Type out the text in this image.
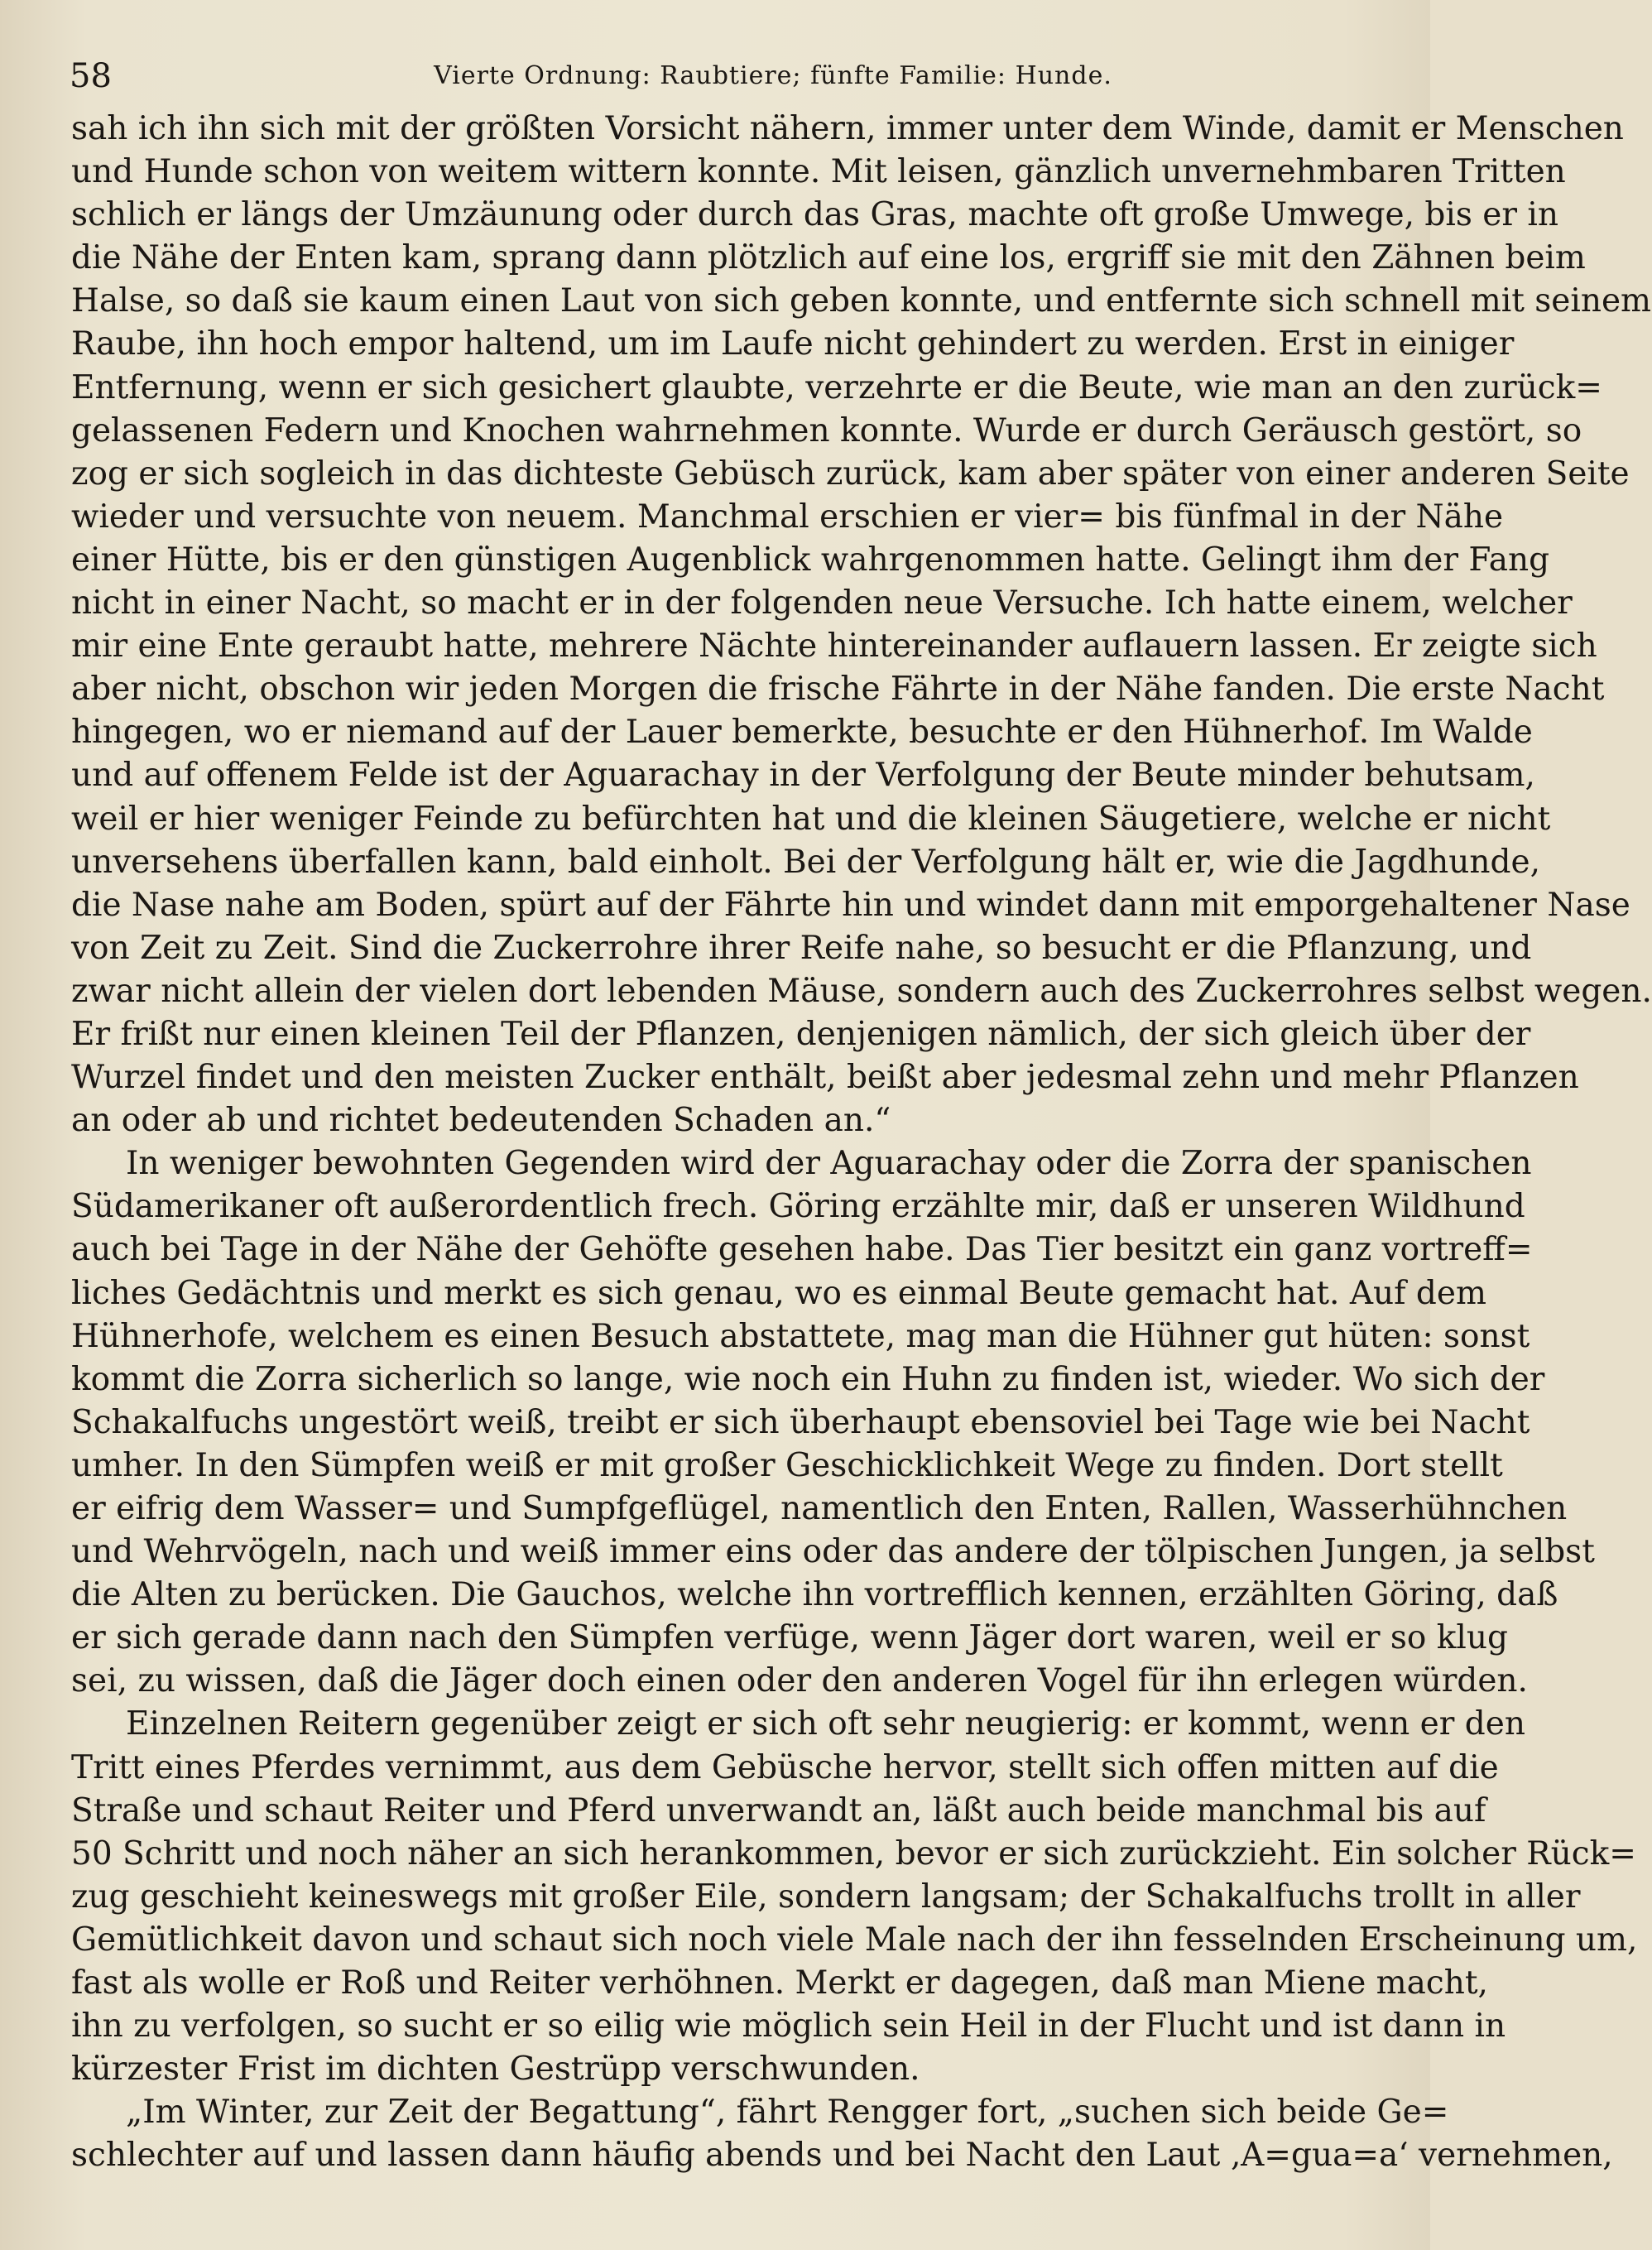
58	Vierte Ordnung: Raubtiere; fünfte Familie: Hunde.
sah ich ihn sich mit der größten Vorsicht nähern, immer unter dem Winde, damit er Menschen
und Hunde schon von weitem wittern konnte. Mit leisen, gänzlich unvernehmbaren Tritten
schlich er längs der Umzäunung oder durch das Gras, machte oft große Umwege, bis er in
die Nähe der Enten kam, sprang dann plötzlich auf eine los, ergriff sie mit den Zähnen beim
Halse, so daß sie kaum einen Laut von sich geben konnte, und entfernte sich schnell mit seinem
Raube, ihn hoch empor haltend, um im Laufe nicht gehindert zu werden. Erst in einiger
Entfernung, wenn er sich gesichert glaubte, verzehrte er die Beute, wie man an den zurück=
gelassenen Federn und Knochen wahrnehmen konnte. Wurde er durch Geräusch gestört, so
zog er sich sogleich in das dichteste Gebüsch zurück, kam aber später von einer anderen Seite
wieder und versuchte von neuem. Manchmal erschien er vier= bis fünfmal in der Nähe
einer Hütte, bis er den günstigen Augenblick wahrgenommen hatte. Gelingt ihm der Fang
nicht in einer Nacht, so macht er in der folgenden neue Versuche. Ich hatte einem, welcher
mir eine Ente geraubt hatte, mehrere Nächte hintereinander auflauern lassen. Er zeigte sich
aber nicht, obschon wir jeden Morgen die frische Fährte in der Nähe fanden. Die erste Nacht
hingegen, wo er niemand auf der Lauer bemerkte, besuchte er den Hühnerhof. Im Walde
und auf offenem Felde ist der Aguarachay in der Verfolgung der Beute minder behutsam,
weil er hier weniger Feinde zu befürchten hat und die kleinen Säugetiere, welche er nicht
unversehens überfallen kann, bald einholt. Bei der Verfolgung hält er, wie die Jagdhunde,
die Nase nahe am Boden, spürt auf der Fährte hin und windet dann mit emporgehaltener Nase
von Zeit zu Zeit. Sind die Zuckerrohre ihrer Reife nahe, so besucht er die Pflanzung, und
zwar nicht allein der vielen dort lebenden Mäuse, sondern auch des Zuckerrohres selbst wegen.
Er frißt nur einen kleinen Teil der Pflanzen, denjenigen nämlich, der sich gleich über der
Wurzel findet und den meisten Zucker enthält, beißt aber jedesmal zehn und mehr Pflanzen
an oder ab und richtet bedeutenden Schaden an.“
In weniger bewohnten Gegenden wird der Aguarachay oder die Zorra der spanischen
Südamerikaner oft außerordentlich frech. Göring erzählte mir, daß er unseren Wildhund
auch bei Tage in der Nähe der Gehöfte gesehen habe. Das Tier besitzt ein ganz vortreff=
liches Gedächtnis und merkt es sich genau, wo es einmal Beute gemacht hat. Auf dem
Hühnerhofe, welchem es einen Besuch abstattete, mag man die Hühner gut hüten: sonst
kommt die Zorra sicherlich so lange, wie noch ein Huhn zu finden ist, wieder. Wo sich der
Schakalfuchs ungestört weiß, treibt er sich überhaupt ebensoviel bei Tage wie bei Nacht
umher. In den Sümpfen weiß er mit großer Geschicklichkeit Wege zu finden. Dort stellt
er eifrig dem Wasser= und Sumpfgeflügel, namentlich den Enten, Rallen, Wasserhühnchen
und Wehrvögeln, nach und weiß immer eins oder das andere der tölpischen Jungen, ja selbst
die Alten zu berücken. Die Gauchos, welche ihn vortrefflich kennen, erzählten Göring, daß
er sich gerade dann nach den Sümpfen verfüge, wenn Jäger dort waren, weil er so klug
sei, zu wissen, daß die Jäger doch einen oder den anderen Vogel für ihn erlegen würden.
Einzelnen Reitern gegenüber zeigt er sich oft sehr neugierig: er kommt, wenn er den
Tritt eines Pferdes vernimmt, aus dem Gebüsche hervor, stellt sich offen mitten auf die
Straße und schaut Reiter und Pferd unverwandt an, läßt auch beide manchmal bis auf
50 Schritt und noch näher an sich herankommen, bevor er sich zurückzieht. Ein solcher Rück=
zug geschieht keineswegs mit großer Eile, sondern langsam; der Schakalfuchs trollt in aller
Gemütlichkeit davon und schaut sich noch viele Male nach der ihn fesselnden Erscheinung um,
fast als wolle er Roß und Reiter verhöhnen. Merkt er dagegen, daß man Miene macht,
ihn zu verfolgen, so sucht er so eilig wie möglich sein Heil in der Flucht und ist dann in
kürzester Frist im dichten Gestrüpp verschwunden.
„Im Winter, zur Zeit der Begattung“, fährt Rengger fort, „suchen sich beide Ge=
schlechter auf und lassen dann häufig abends und bei Nacht den Laut ‚A=gua=a‘ vernehmen,
